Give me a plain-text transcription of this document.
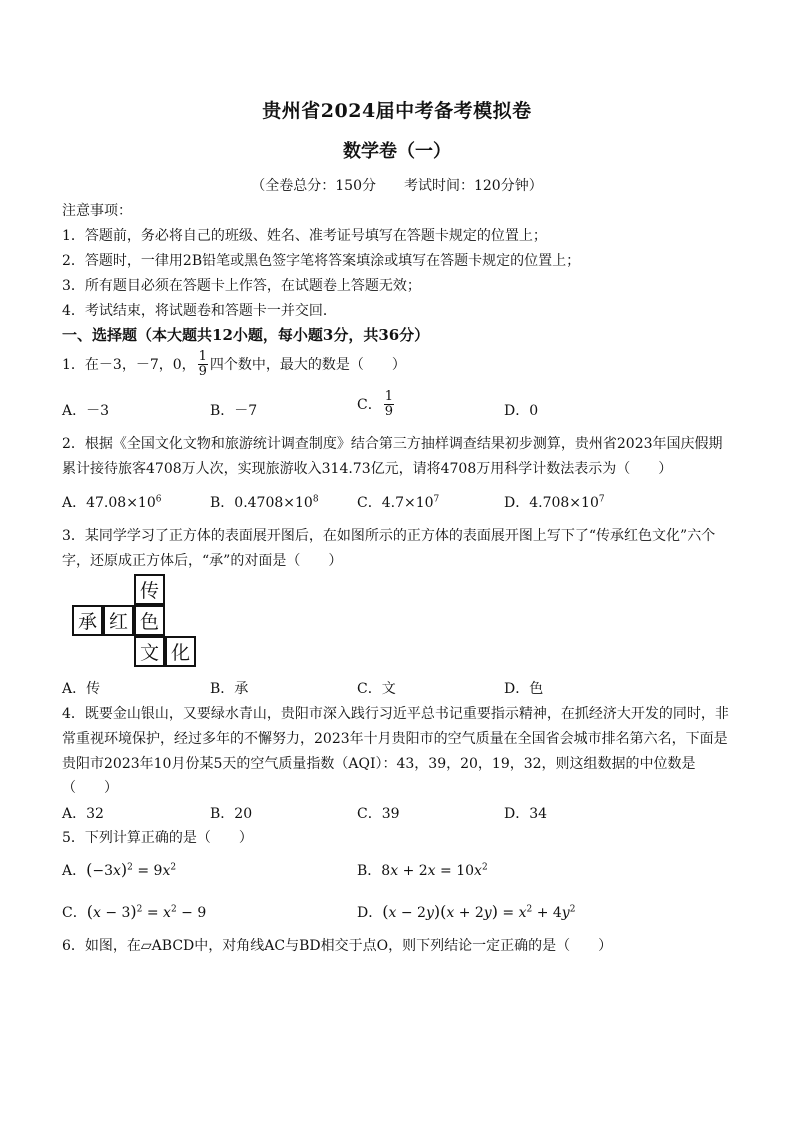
贵州省2024届中考备考模拟卷
数学卷（一）
（全卷总分：150分　　考试时间：120分钟）
注意事项：
1．答题前，务必将自己的班级、姓名、准考证号填写在答题卡规定的位置上；
2．答题时，一律用2B铅笔或黑色签字笔将答案填涂或填写在答题卡规定的位置上；
3．所有题目必须在答题卡上作答，在试题卷上答题无效；
4．考试结束，将试题卷和答题卡一并交回．
一、选择题（本大题共12小题，每小题3分，共36分）
1．在－3，－7，0， $\frac{1}{9}$ 四个数中，最大的数是（　　）
A．－3	B．－7	C． $\frac{1}{9}$	D．0
2．根据《全国文化文物和旅游统计调查制度》结合第三方抽样调查结果初步测算，贵州省2023年国庆假期
累计接待旅客4708万人次，实现旅游收入314.73亿元，请将4708万用科学计数法表示为（　　）
A．$47.08\times 10^6$	B．$0.4708\times 10^8$	C．$4.7\times 10^7$	D．$4.708\times 10^7$
3．某同学学习了正方体的表面展开图后，在如图所示的正方体的表面展开图上写下了“传承红色文化”六个
字，还原成正方体后，“承”的对面是（　　）
传
承 红 色
文 化
A．传	B．承	C．文	D．色
4．既要金山银山，又要绿水青山，贵阳市深入践行习近平总书记重要指示精神，在抓经济大开发的同时，非
常重视环境保护，经过多年的不懈努力，2023年十月贵阳市的空气质量在全国省会城市排名第六名，下面是
贵阳市2023年10月份某5天的空气质量指数（AQI）：43，39，20，19，32，则这组数据的中位数是
（　　）
A．32	B．20	C．39	D．34
5．下列计算正确的是（　　）
A．$(-3x)^2 = 9x^2$	B．$8x + 2x = 10x^2$
C．$(x - 3)^2 = x^2 - 9$	D．$(x - 2y)(x + 2y) = x^2 + 4y^2$
6．如图，在▱ABCD中，对角线AC与BD相交于点O，则下列结论一定正确的是（　　）
